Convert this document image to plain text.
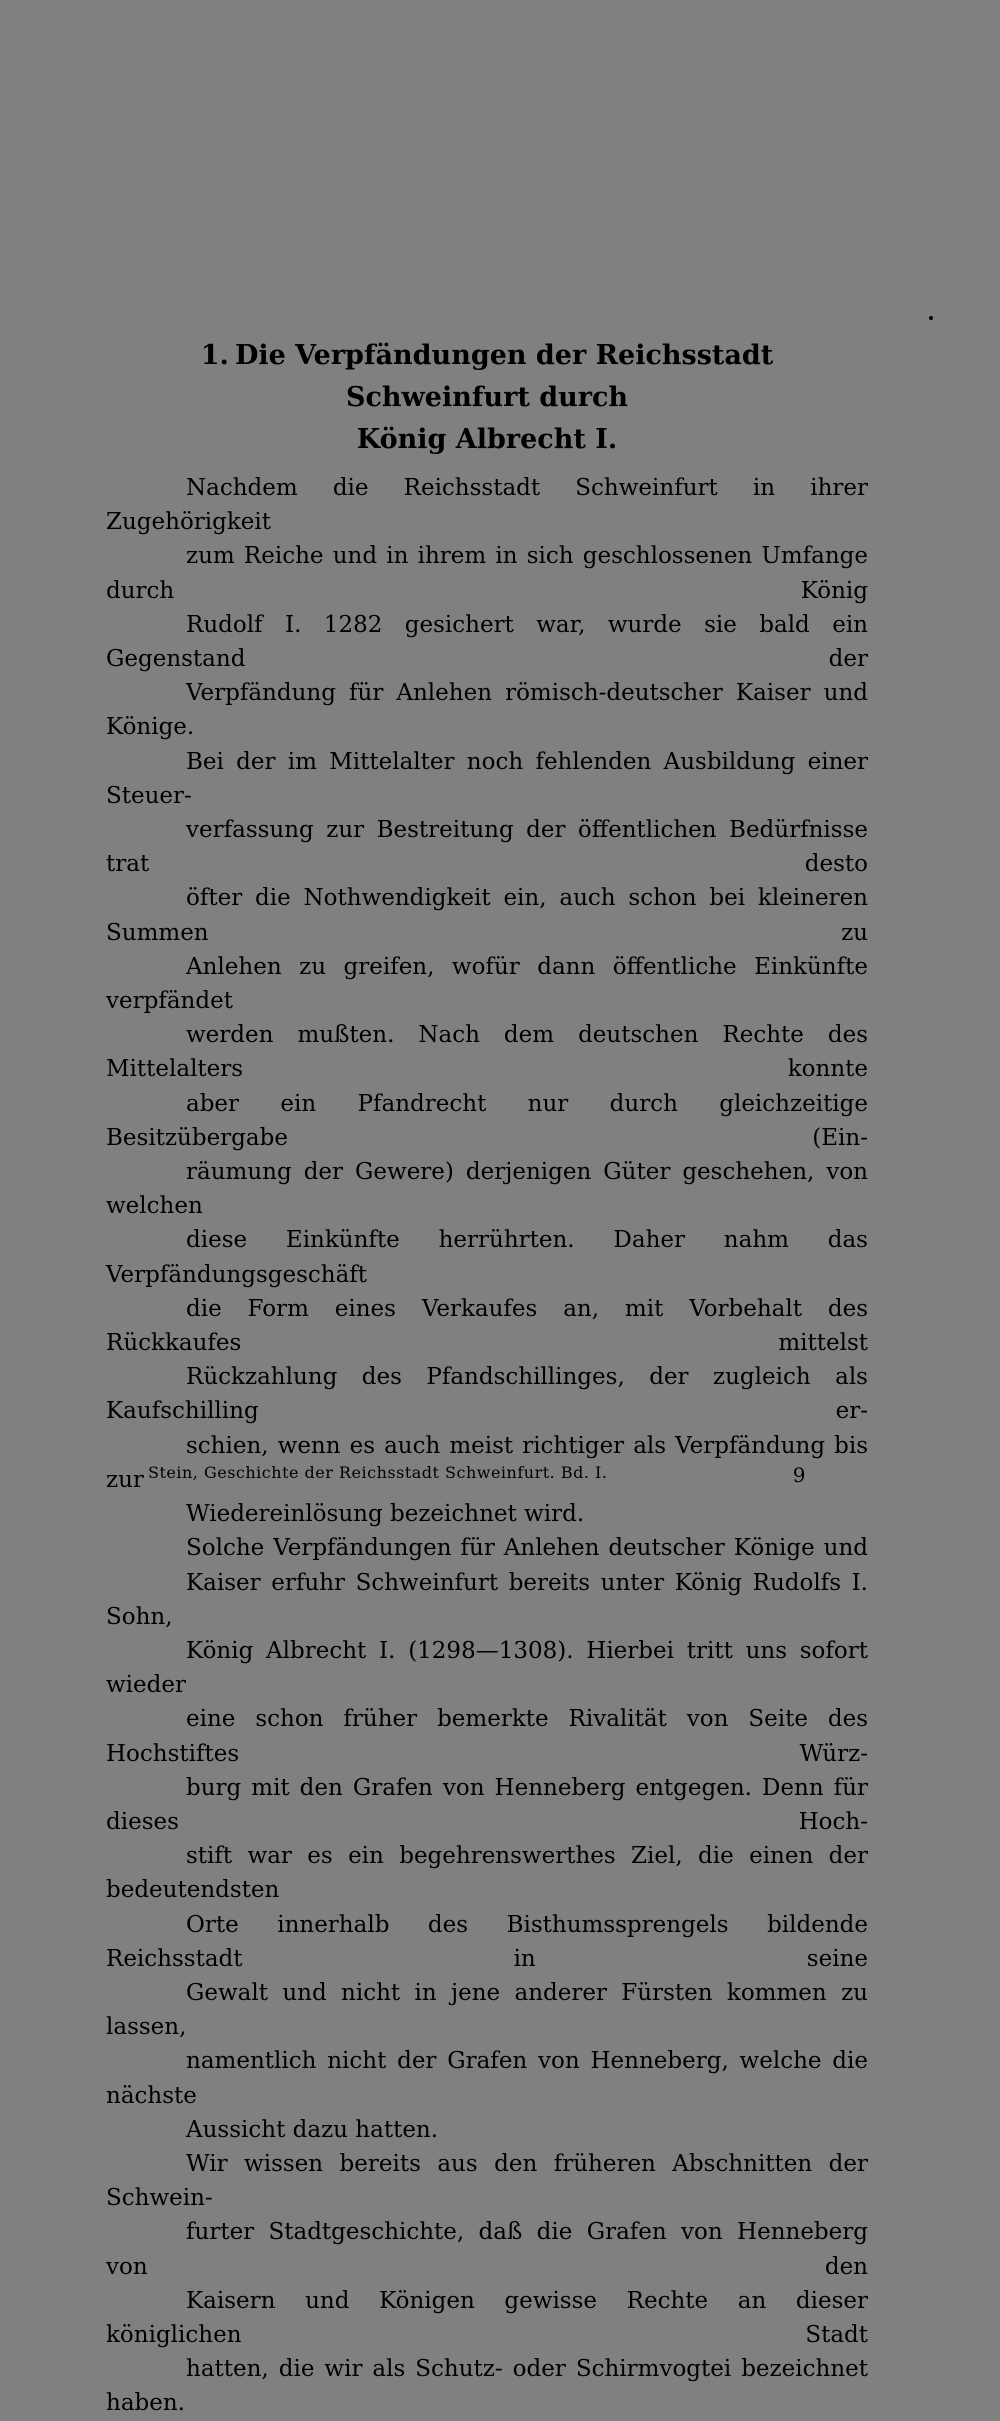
1. Die Verpfändungen der Reichsstadt Schweinfurt durch
König Albrecht I.
Nachdem die Reichsstadt Schweinfurt in ihrer Zugehörigkeit
zum Reiche und in ihrem in sich geschlossenen Umfange durch König
Rudolf I. 1282 gesichert war, wurde sie bald ein Gegenstand der
Verpfändung für Anlehen römisch-deutscher Kaiser und Könige.
Bei der im Mittelalter noch fehlenden Ausbildung einer Steuer-
verfassung zur Bestreitung der öffentlichen Bedürfnisse trat desto
öfter die Nothwendigkeit ein, auch schon bei kleineren Summen zu
Anlehen zu greifen, wofür dann öffentliche Einkünfte verpfändet
werden mußten. Nach dem deutschen Rechte des Mittelalters konnte
aber ein Pfandrecht nur durch gleichzeitige Besitzübergabe (Ein-
räumung der Gewere) derjenigen Güter geschehen, von welchen
diese Einkünfte herrührten. Daher nahm das Verpfändungsgeschäft
die Form eines Verkaufes an, mit Vorbehalt des Rückkaufes mittelst
Rückzahlung des Pfandschillinges, der zugleich als Kaufschilling er-
schien, wenn es auch meist richtiger als Verpfändung bis zur
Wiedereinlösung bezeichnet wird.
Solche Verpfändungen für Anlehen deutscher Könige und
Kaiser erfuhr Schweinfurt bereits unter König Rudolfs I. Sohn,
König Albrecht I. (1298—1308). Hierbei tritt uns sofort wieder
eine schon früher bemerkte Rivalität von Seite des Hochstiftes Würz-
burg mit den Grafen von Henneberg entgegen. Denn für dieses Hoch-
stift war es ein begehrenswerthes Ziel, die einen der bedeutendsten
Orte innerhalb des Bisthumssprengels bildende Reichsstadt in seine
Gewalt und nicht in jene anderer Fürsten kommen zu lassen,
namentlich nicht der Grafen von Henneberg, welche die nächste
Aussicht dazu hatten.
Wir wissen bereits aus den früheren Abschnitten der Schwein-
furter Stadtgeschichte, daß die Grafen von Henneberg von den
Kaisern und Königen gewisse Rechte an dieser königlichen Stadt
hatten, die wir als Schutz- oder Schirmvogtei bezeichnet haben.
Stein, Geschichte der Reichsstadt Schweinfurt. Bd. I.	9
